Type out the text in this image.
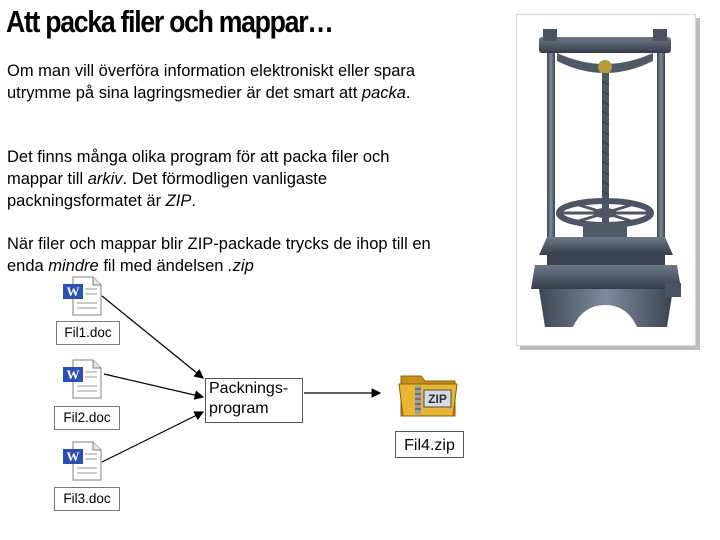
Att packa filer och mappar…

Om man vill överföra information elektroniskt eller spara utrymme på sina lagringsmedier är det smart att packa.

Det finns många olika program för att packa filer och mappar till arkiv. Det förmodligen vanligaste packningsformatet är ZIP.

När filer och mappar blir ZIP-packade trycks de ihop till en enda mindre fil med ändelsen .zip

W
Fil1.doc
W
Fil2.doc
W
Fil3.doc
Packnings-
program
ZIP
Fil4.zip
